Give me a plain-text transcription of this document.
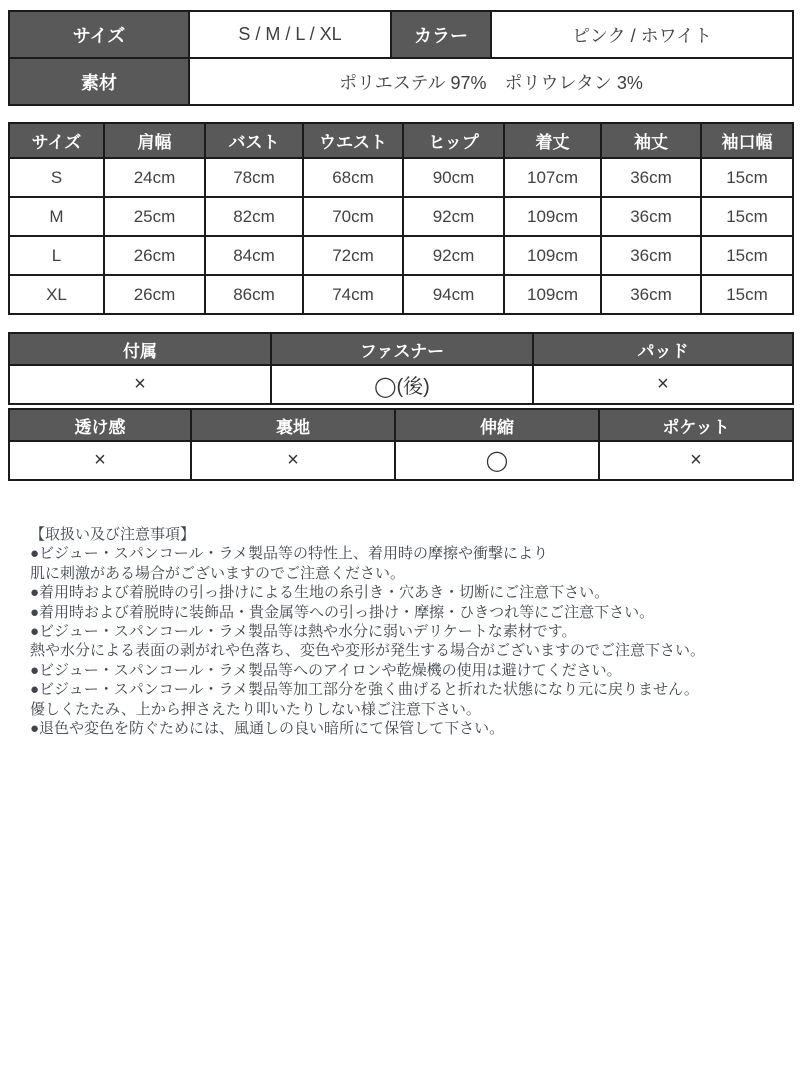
サイズ	S / M / L / XL	カラー	ピンク / ホワイト
素材	ポリエステル 97%　ポリウレタン 3%		
サイズ	肩幅	バスト	ウエスト	ヒップ	着丈	袖丈	袖口幅
S	24cm	78cm	68cm	90cm	107cm	36cm	15cm
M	25cm	82cm	70cm	92cm	109cm	36cm	15cm
L	26cm	84cm	72cm	92cm	109cm	36cm	15cm
XL	26cm	86cm	74cm	94cm	109cm	36cm	15cm
付属	ファスナー	パッド
×	◯(後)	×
透け感	裏地	伸縮	ポケット
×	×	◯	×
【取扱い及び注意事項】
●ビジュー・スパンコール・ラメ製品等の特性上、着用時の摩擦や衝撃により
肌に刺激がある場合がございますのでご注意ください。
●着用時および着脱時の引っ掛けによる生地の糸引き・穴あき・切断にご注意下さい。
●着用時および着脱時に装飾品・貴金属等への引っ掛け・摩擦・ひきつれ等にご注意下さい。
●ビジュー・スパンコール・ラメ製品等は熱や水分に弱いデリケートな素材です。
熱や水分による表面の剥がれや色落ち、変色や変形が発生する場合がございますのでご注意下さい。
●ビジュー・スパンコール・ラメ製品等へのアイロンや乾燥機の使用は避けてください。
●ビジュー・スパンコール・ラメ製品等加工部分を強く曲げると折れた状態になり元に戻りません。
優しくたたみ、上から押さえたり叩いたりしない様ご注意下さい。
●退色や変色を防ぐためには、風通しの良い暗所にて保管して下さい。
